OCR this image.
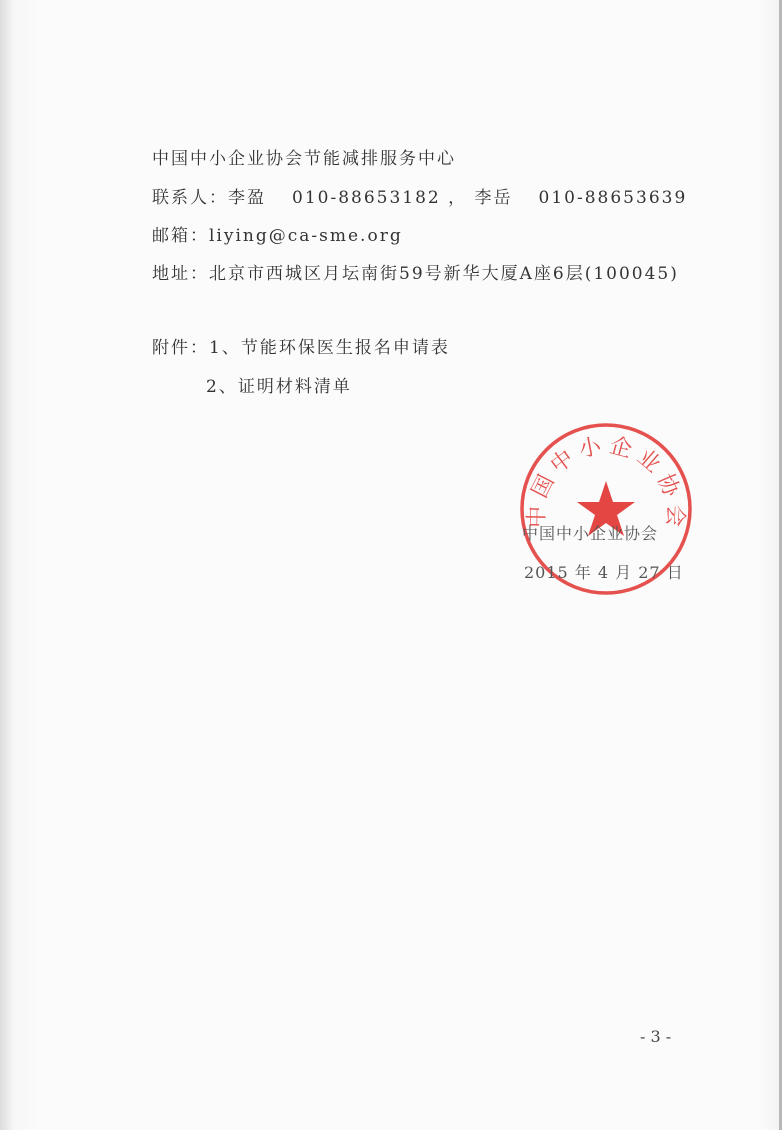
中国中小企业协会节能减排服务中心
联系人：李盈 010-88653182 ， 李岳 010-88653639
邮箱：liying@ca-sme.org
地址：北京市西城区月坛南街59号新华大厦A座6层(100045)
附件：1、节能环保医生报名申请表
2、证明材料清单
中国中小企业协会
中国中小企业协会
2015 年 4 月 27 日
- 3 -
